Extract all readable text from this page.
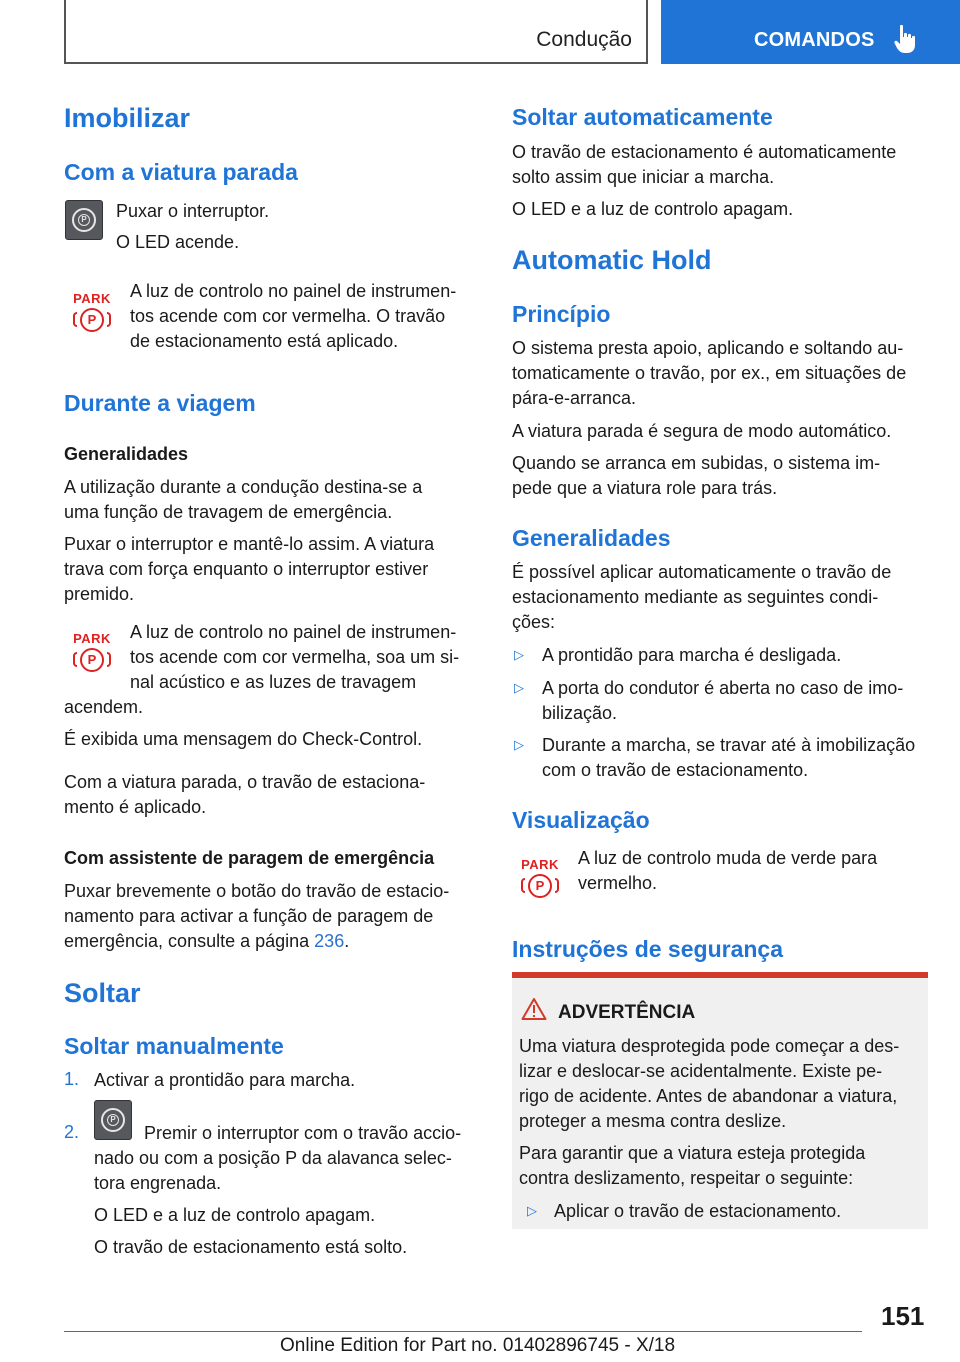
Condução	COMANDOS
Imobilizar
Com a viatura parada
P Puxar o interruptor.
O LED acende.
PARK
P
A luz de controlo no painel de instrumen-
tos acende com cor vermelha. O travão
de estacionamento está aplicado.
Durante a viagem
Generalidades
A utilização durante a condução destina-se a
uma função de travagem de emergência.
Puxar o interruptor e mantê-lo assim. A viatura
trava com força enquanto o interruptor estiver
premido.
PARK
P
A luz de controlo no painel de instrumen-
tos acende com cor vermelha, soa um si-
nal acústico e as luzes de travagem
acendem.
É exibida uma mensagem do Check-Control.
Com a viatura parada, o travão de estaciona-
mento é aplicado.
Com assistente de paragem de emergência
Puxar brevemente o botão do travão de estacio-
namento para activar a função de paragem de
emergência, consulte a página 236.
Soltar
Soltar manualmente
1. Activar a prontidão para marcha.
2.
P
Premir o interruptor com o travão accio-
nado ou com a posição P da alavanca selec-
tora engrenada.
O LED e a luz de controlo apagam.
O travão de estacionamento está solto.
Soltar automaticamente
O travão de estacionamento é automaticamente
solto assim que iniciar a marcha.
O LED e a luz de controlo apagam.
Automatic Hold
Princípio
O sistema presta apoio, aplicando e soltando au-
tomaticamente o travão, por ex., em situações de
pára-e-arranca.
A viatura parada é segura de modo automático.
Quando se arranca em subidas, o sistema im-
pede que a viatura role para trás.
Generalidades
É possível aplicar automaticamente o travão de
estacionamento mediante as seguintes condi-
ções:
▷ A prontidão para marcha é desligada.
▷ A porta do condutor é aberta no caso de imo-
bilização.
▷ Durante a marcha, se travar até à imobilização
com o travão de estacionamento.
Visualização
PARK
P
A luz de controlo muda de verde para
vermelho.
Instruções de segurança
ADVERTÊNCIA
Uma viatura desprotegida pode começar a des-
lizar e deslocar-se acidentalmente. Existe pe-
rigo de acidente. Antes de abandonar a viatura,
proteger a mesma contra deslize.
Para garantir que a viatura esteja protegida
contra deslizamento, respeitar o seguinte:
▷ Aplicar o travão de estacionamento.
151
Online Edition for Part no. 01402896745 - X/18
